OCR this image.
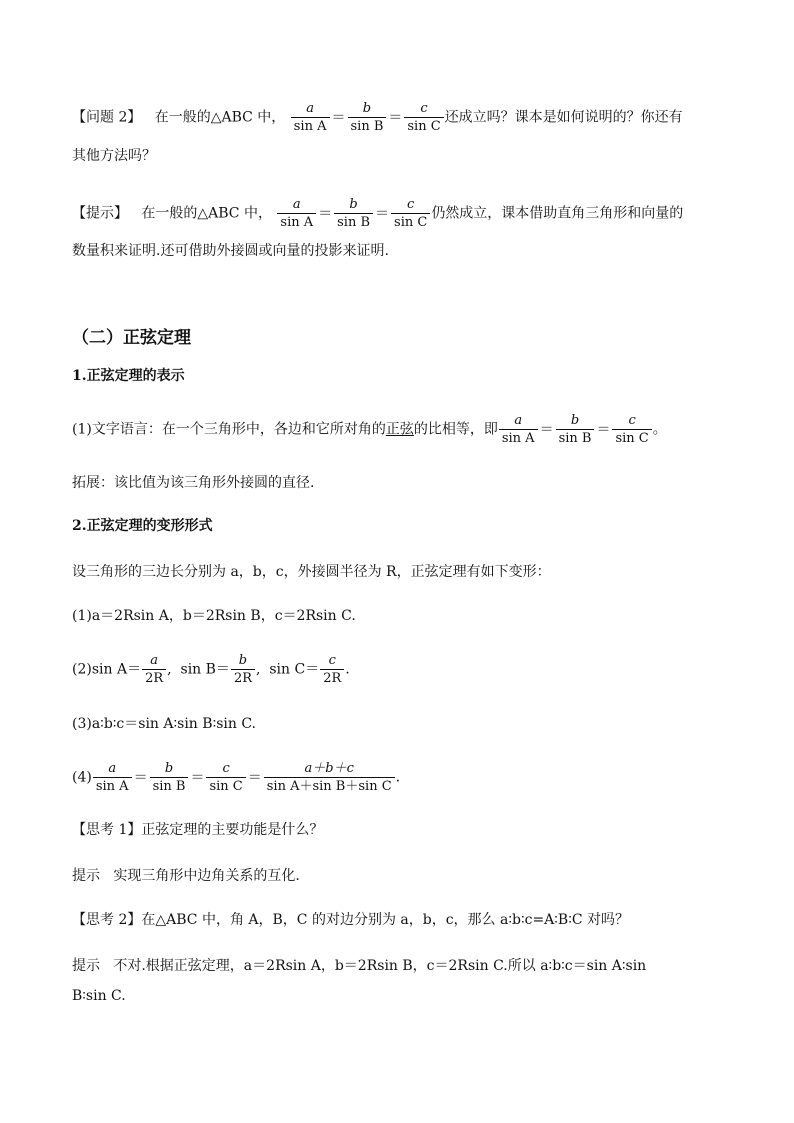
【问题 2】 在一般的△ABC 中， $\frac{a}{\text{sin A}} = \frac{b}{\text{sin B}} = \frac{c}{\text{sin C}}$ 还成立吗？课本是如何说明的？你还有
其他方法吗？
【提示】 在一般的△ABC 中， $\frac{a}{\text{sin A}} = \frac{b}{\text{sin B}} = \frac{c}{\text{sin C}}$ 仍然成立，课本借助直角三角形和向量的
数量积来证明.还可借助外接圆或向量的投影来证明.
（二）正弦定理
1.正弦定理的表示
(1)文字语言：在一个三角形中，各边和它所对角的正弦的比相等，即 $\frac{a}{\text{sin A}} = \frac{b}{\text{sin B}} = \frac{c}{\text{sin C}}$ 。
拓展：该比值为该三角形外接圆的直径.
2.正弦定理的变形形式
设三角形的三边长分别为 a，b，c，外接圆半径为 R，正弦定理有如下变形：
(1)a＝2Rsin A，b＝2Rsin B，c＝2Rsin C.
(2)sin $A= \frac{a}{2R}$ , $\sin B= \frac{b}{2R}$ , $\sin C= \frac{c}{2R}$ .
(3)a∶b∶c＝sin A∶sin B∶sin C.
$(4) \frac{a}{\text{sin A}} = \frac{b}{\text{sin B}} = \frac{c}{\text{sin C}} = \frac{a+b+c}{\text{sin A＋sin B＋sin C}}$ .
【思考 1】正弦定理的主要功能是什么？
提示 实现三角形中边角关系的互化.
【思考 2】在△ABC 中，角 A，B，C 的对边分别为 a，b，c，那么 a∶b∶c=A∶B∶C 对吗？
提示 不对.根据正弦定理，a＝2Rsin A，b＝2Rsin B，c＝2Rsin C.所以 a∶b∶c＝sin A∶sin
B∶sin C.
